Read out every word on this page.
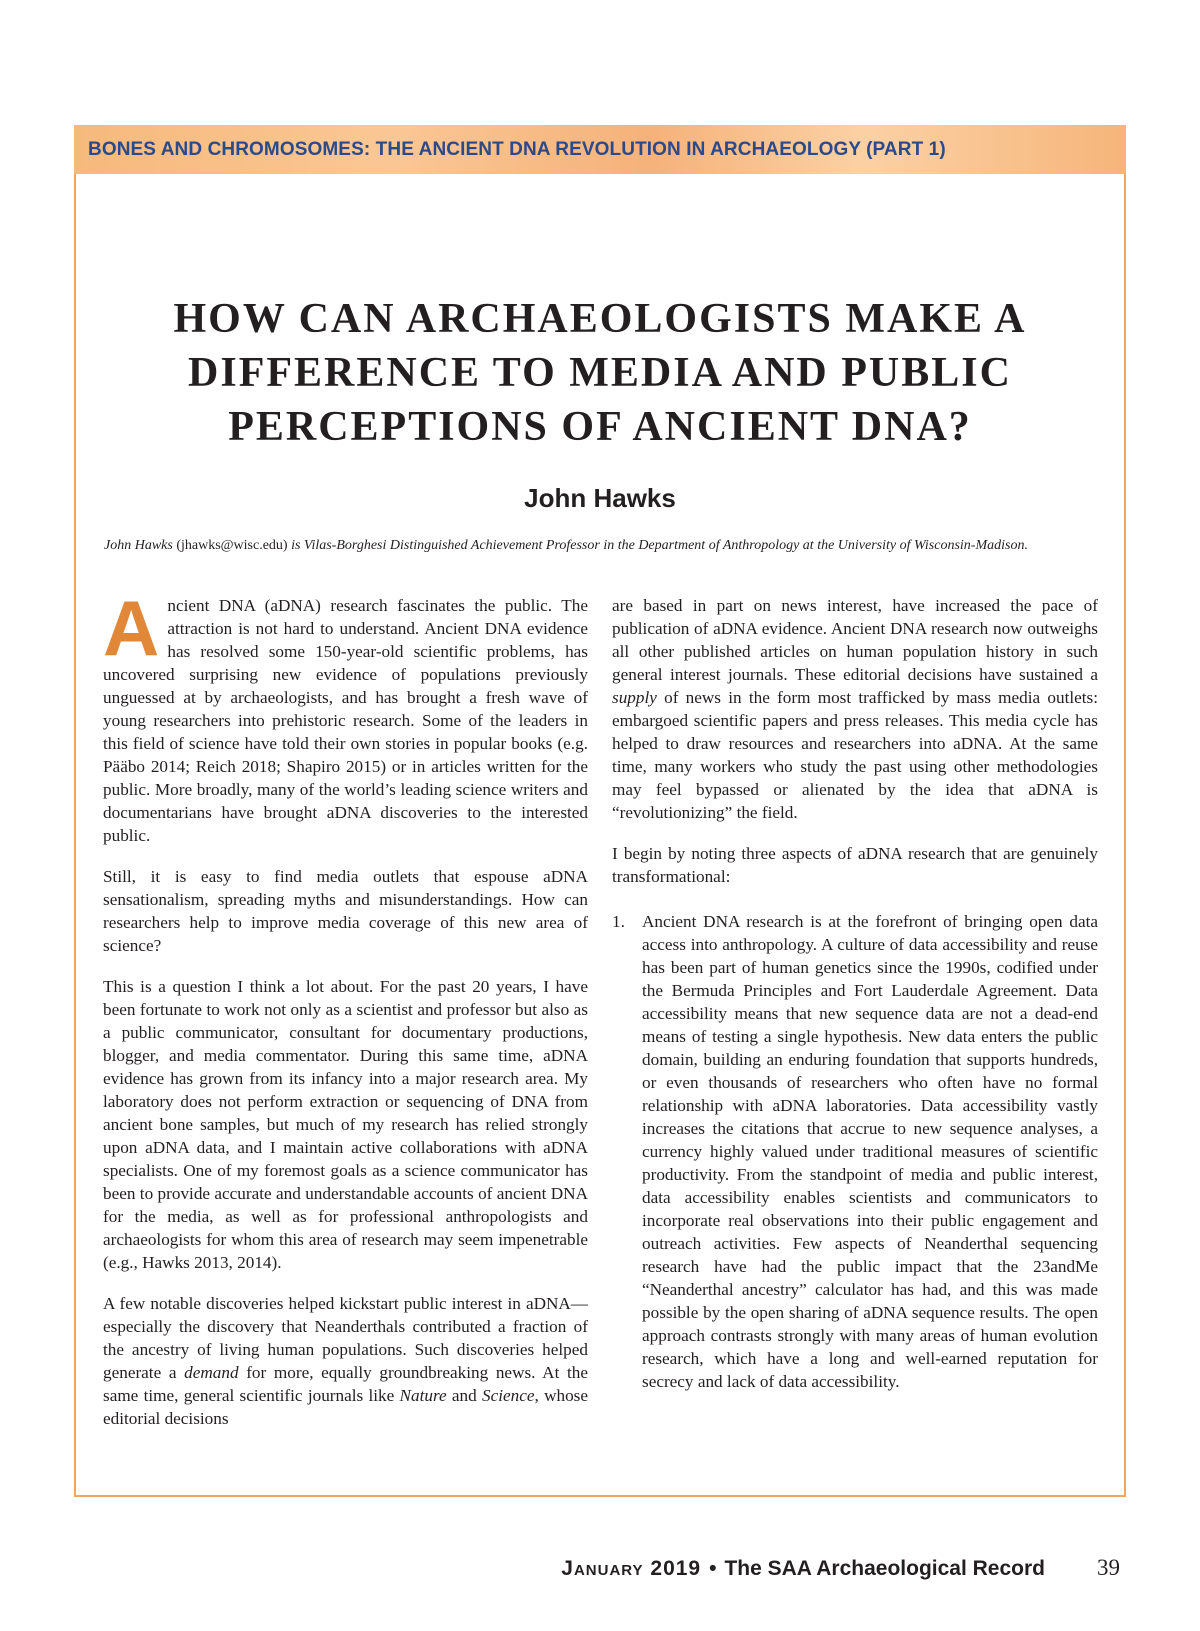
BONES AND CHROMOSOMES: THE ANCIENT DNA REVOLUTION IN ARCHAEOLOGY (PART 1)
HOW CAN ARCHAEOLOGISTS MAKE A DIFFERENCE TO MEDIA AND PUBLIC PERCEPTIONS OF ANCIENT DNA?
John Hawks
John Hawks (jhawks@wisc.edu) is Vilas-Borghesi Distinguished Achievement Professor in the Department of Anthropology at the University of Wisconsin-Madison.

Ancient DNA (aDNA) research fascinates the public. The attraction is not hard to understand. Ancient DNA evidence has resolved some 150-year-old scientific problems, has uncovered surprising new evidence of populations previously unguessed at by archaeologists, and has brought a fresh wave of young researchers into prehistoric research. Some of the leaders in this field of science have told their own stories in popular books (e.g. Pääbo 2014; Reich 2018; Shapiro 2015) or in articles written for the public. More broadly, many of the world’s leading science writers and documentarians have brought aDNA discoveries to the interested public.

Still, it is easy to find media outlets that espouse aDNA sensationalism, spreading myths and misunderstandings. How can researchers help to improve media coverage of this new area of science?

This is a question I think a lot about. For the past 20 years, I have been fortunate to work not only as a scientist and professor but also as a public communicator, consultant for documentary productions, blogger, and media commentator. During this same time, aDNA evidence has grown from its infancy into a major research area. My laboratory does not perform extraction or sequencing of DNA from ancient bone samples, but much of my research has relied strongly upon aDNA data, and I maintain active collaborations with aDNA specialists. One of my foremost goals as a science communicator has been to provide accurate and understandable accounts of ancient DNA for the media, as well as for professional anthropologists and archaeologists for whom this area of research may seem impenetrable (e.g., Hawks 2013, 2014).

A few notable discoveries helped kickstart public interest in aDNA—especially the discovery that Neanderthals contributed a fraction of the ancestry of living human populations. Such discoveries helped generate a demand for more, equally groundbreaking news. At the same time, general scientific journals like Nature and Science, whose editorial decisions

are based in part on news interest, have increased the pace of publication of aDNA evidence. Ancient DNA research now outweighs all other published articles on human population history in such general interest journals. These editorial decisions have sustained a supply of news in the form most trafficked by mass media outlets: embargoed scientific papers and press releases. This media cycle has helped to draw resources and researchers into aDNA. At the same time, many workers who study the past using other methodologies may feel bypassed or alienated by the idea that aDNA is “revolutionizing” the field.

I begin by noting three aspects of aDNA research that are genuinely transformational:

1. Ancient DNA research is at the forefront of bringing open data access into anthropology. A culture of data accessibility and reuse has been part of human genetics since the 1990s, codified under the Bermuda Principles and Fort Lauderdale Agreement. Data accessibility means that new sequence data are not a dead-end means of testing a single hypothesis. New data enters the public domain, building an enduring foundation that supports hundreds, or even thousands of researchers who often have no formal relationship with aDNA laboratories. Data accessibility vastly increases the citations that accrue to new sequence analyses, a currency highly valued under traditional measures of scientific productivity. From the standpoint of media and public interest, data accessibility enables scientists and communicators to incorporate real observations into their public engagement and outreach activities. Few aspects of Neanderthal sequencing research have had the public impact that the 23andMe “Neanderthal ancestry” calculator has had, and this was made possible by the open sharing of aDNA sequence results. The open approach contrasts strongly with many areas of human evolution research, which have a long and well-earned reputation for secrecy and lack of data accessibility.
January 2019 • The SAA Archaeological Record 39
